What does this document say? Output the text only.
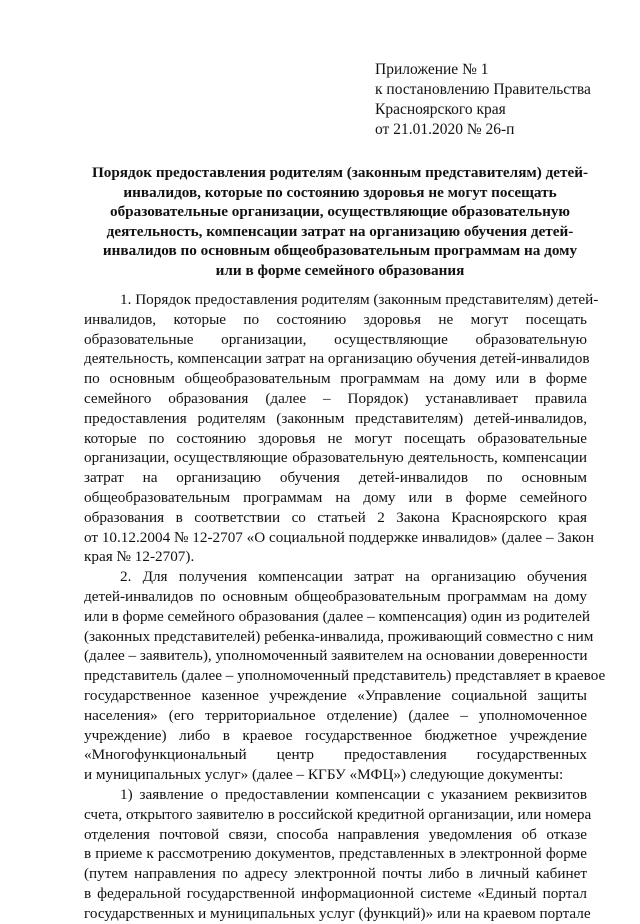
Приложение № 1
к постановлению Правительства
Красноярского края
от 21.01.2020 № 26-п
Порядок предоставления родителям (законным представителям) детей-
инвалидов, которые по состоянию здоровья не могут посещать
образовательные организации, осуществляющие образовательную
деятельность, компенсации затрат на организацию обучения детей-
инвалидов по основным общеобразовательным программам на дому
или в форме семейного образования
1. Порядок предоставления родителям (законным представителям) детей-
инвалидов, которые по состоянию здоровья не могут посещать
образовательные организации, осуществляющие образовательную
деятельность, компенсации затрат на организацию обучения детей-инвалидов
по основным общеобразовательным программам на дому или в форме
семейного образования (далее – Порядок) устанавливает правила
предоставления родителям (законным представителям) детей-инвалидов,
которые по состоянию здоровья не могут посещать образовательные
организации, осуществляющие образовательную деятельность, компенсации
затрат на организацию обучения детей-инвалидов по основным
общеобразовательным программам на дому или в форме семейного
образования в соответствии со статьей 2 Закона Красноярского края
от 10.12.2004 № 12-2707 «О социальной поддержке инвалидов» (далее – Закон
края № 12-2707).
2. Для получения компенсации затрат на организацию обучения
детей-инвалидов по основным общеобразовательным программам на дому
или в форме семейного образования (далее – компенсация) один из родителей
(законных представителей) ребенка-инвалида, проживающий совместно с ним
(далее – заявитель), уполномоченный заявителем на основании доверенности
представитель (далее – уполномоченный представитель) представляет в краевое
государственное казенное учреждение «Управление социальной защиты
населения» (его территориальное отделение) (далее – уполномоченное
учреждение) либо в краевое государственное бюджетное учреждение
«Многофункциональный центр предоставления государственных
и муниципальных услуг» (далее – КГБУ «МФЦ») следующие документы:
1) заявление о предоставлении компенсации с указанием реквизитов
счета, открытого заявителю в российской кредитной организации, или номера
отделения почтовой связи, способа направления уведомления об отказе
в приеме к рассмотрению документов, представленных в электронной форме
(путем направления по адресу электронной почты либо в личный кабинет
в федеральной государственной информационной системе «Единый портал
государственных и муниципальных услуг (функций)» или на краевом портале
